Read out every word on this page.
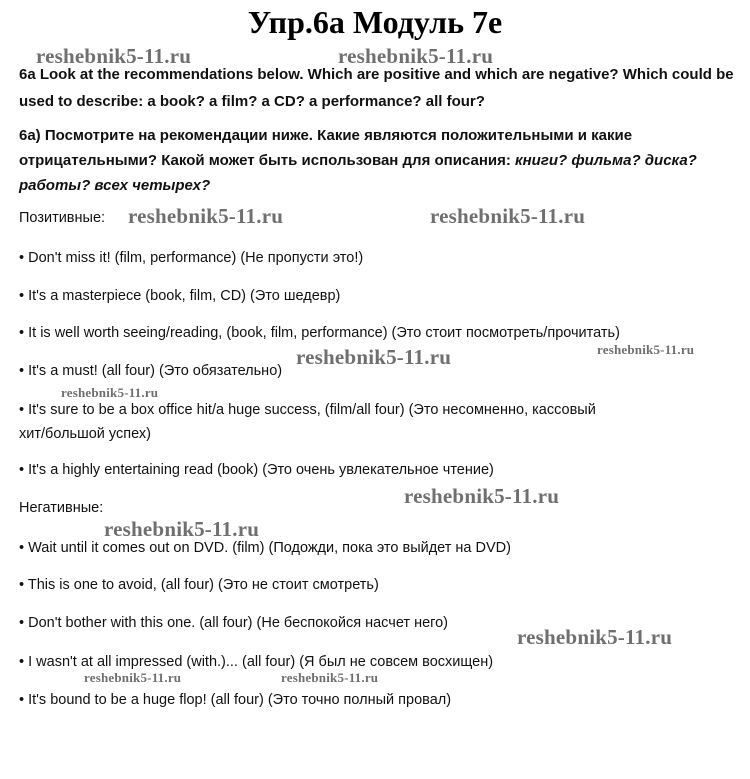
Упр.6а Модуль 7е
6a Look at the recommendations below. Which are positive and which are negative? Which could be
used to describe: a book? a film? a CD? a performance? all four?
6a) Посмотрите на рекомендации ниже. Какие являются положительными и какие
отрицательными? Какой может быть использован для описания: книги? фильма? диска?
работы? всех четырех?
Позитивные:
• Don't miss it! (film, performance) (Не пропусти это!)
• It's a masterpiece (book, film, CD) (Это шедевр)
• It is well worth seeing/reading, (book, film, performance) (Это стоит посмотреть/прочитать)
• It's a must! (all four) (Это обязательно)
• It's sure to be a box office hit/a huge success, (film/all four) (Это несомненно, кассовый
хит/большой успех)
• It's a highly entertaining read (book) (Это очень увлекательное чтение)
Негативные:
• Wait until it comes out on DVD. (film) (Подожди, пока это выйдет на DVD)
• This is one to avoid, (all four) (Это не стоит смотреть)
• Don't bother with this one. (all four) (Не беспокойся насчет него)
• I wasn't at all impressed (with.)... (all four) (Я был не совсем восхищен)
• It's bound to be a huge flop! (all four) (Это точно полный провал)
reshebnik5-11.ru	reshebnik5-11.ru
reshebnik5-11.ru	reshebnik5-11.ru
reshebnik5-11.ru	reshebnik5-11.ru
reshebnik5-11.ru
reshebnik5-11.ru
reshebnik5-11.ru
reshebnik5-11.ru
reshebnik5-11.ru	reshebnik5-11.ru
